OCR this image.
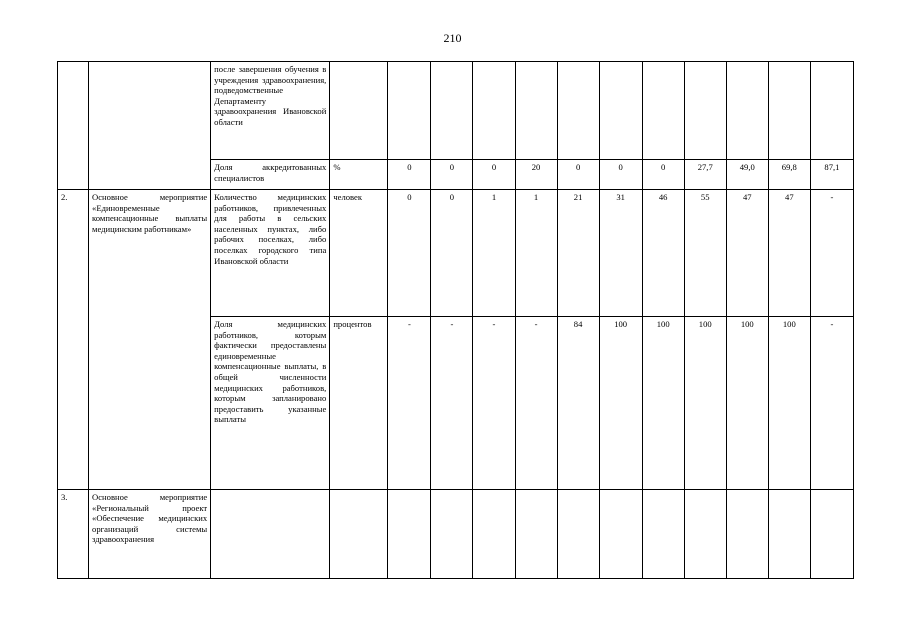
210
		после завершения обучения в учреждения здравоохранения, подведомственные Департаменту здравоохранения Ивановской области												
		Доля аккредитованных специалистов	%	0	0	0	20	0	0	0	27,7	49,0	69,8	87,1
2.	Основное мероприятие «Единовременные компенсационные выплаты медицинским работникам»	Количество медицинских работников, привлеченных для работы в сельских населенных пунктах, либо рабочих поселках, либо поселках городского типа Ивановской области	человек	0	0	1	1	21	31	46	55	47	47	-
		Доля медицинских работников, которым фактически предоставлены единовременные компенсационные выплаты, в общей численности медицинских работников, которым запланировано предоставить указанные выплаты	процентов	-	-	-	-	84	100	100	100	100	100	-
3.	Основное мероприятие «Региональный проект «Обеспечение медицинских организаций системы здравоохранения													
